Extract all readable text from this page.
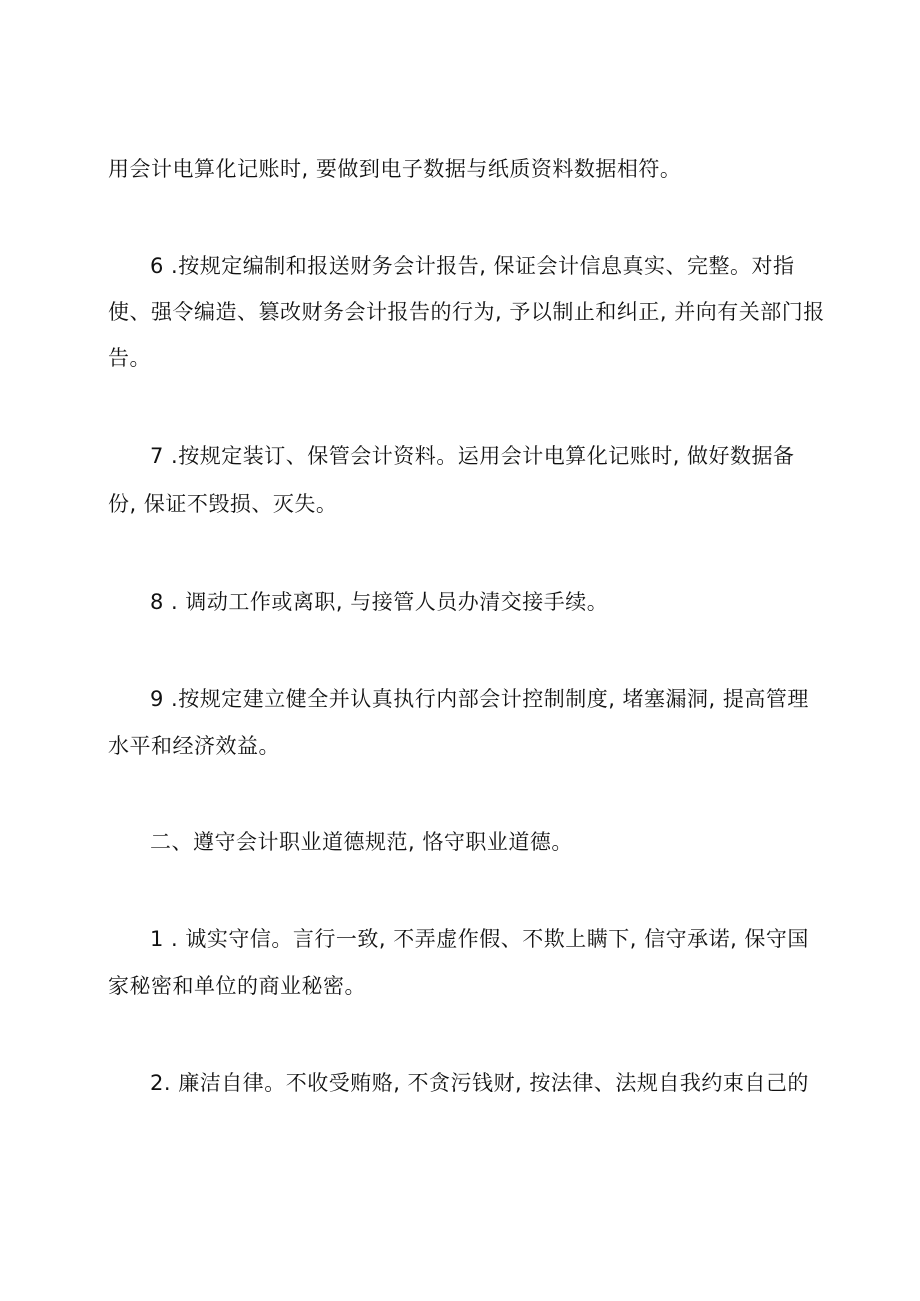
用会计电算化记账时, 要做到电子数据与纸质资料数据相符。
6 .按规定编制和报送财务会计报告, 保证会计信息真实、完整。对指
使、强令编造、篡改财务会计报告的行为, 予以制止和纠正, 并向有关部门报
告。
7 .按规定装订、保管会计资料。运用会计电算化记账时, 做好数据备
份, 保证不毁损、灭失。
8 . 调动工作或离职, 与接管人员办清交接手续。
9 .按规定建立健全并认真执行内部会计控制制度, 堵塞漏洞, 提高管理
水平和经济效益。
二、遵守会计职业道德规范, 恪守职业道德。
1 . 诚实守信。言行一致, 不弄虚作假、不欺上瞒下, 信守承诺, 保守国
家秘密和单位的商业秘密。
2. 廉洁自律。不收受贿赂, 不贪污钱财, 按法律、法规自我约束自己的
